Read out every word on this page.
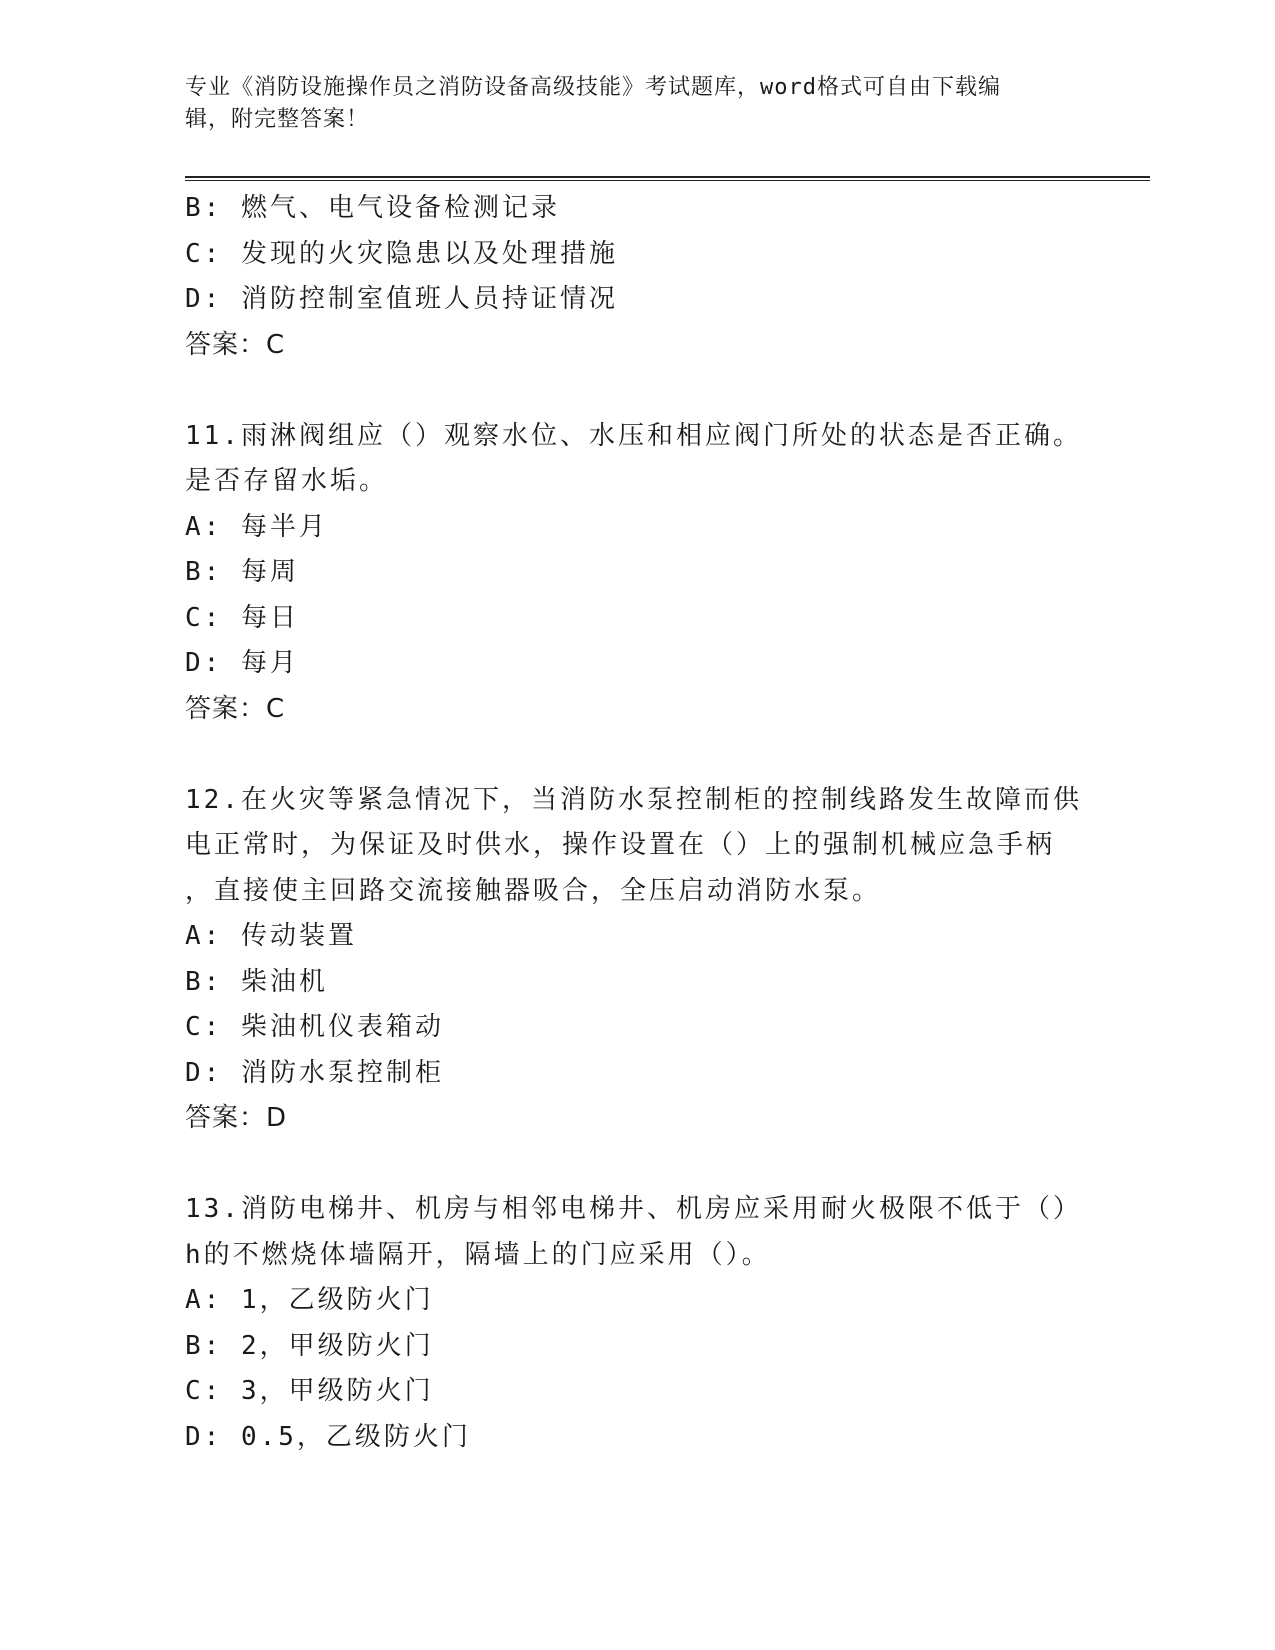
专业《消防设施操作员之消防设备高级技能》考试题库，word格式可自由下载编
辑，附完整答案！
B: 燃气、电气设备检测记录
C: 发现的火灾隐患以及处理措施
D: 消防控制室值班人员持证情况
答案：C
11.雨淋阀组应（）观察水位、水压和相应阀门所处的状态是否正确。
是否存留水垢。
A: 每半月
B: 每周
C: 每日
D: 每月
答案：C
12.在火灾等紧急情况下，当消防水泵控制柜的控制线路发生故障而供
电正常时，为保证及时供水，操作设置在（）上的强制机械应急手柄
，直接使主回路交流接触器吸合，全压启动消防水泵。
A: 传动装置
B: 柴油机
C: 柴油机仪表箱动
D: 消防水泵控制柜
答案：D
13.消防电梯井、机房与相邻电梯井、机房应采用耐火极限不低于（）
h的不燃烧体墙隔开，隔墙上的门应采用（）。
A: 1，乙级防火门
B: 2，甲级防火门
C: 3，甲级防火门
D: 0.5，乙级防火门
